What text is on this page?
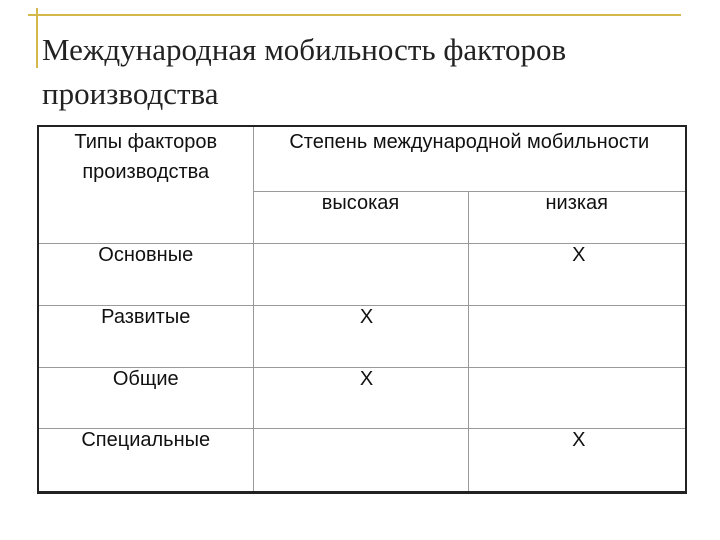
Международная мобильность факторов производства
Типы факторов производства	Степень международной мобильности	
	высокая	низкая
Основные		Х
Развитые	Х	
Общие	Х	
Специальные		Х
